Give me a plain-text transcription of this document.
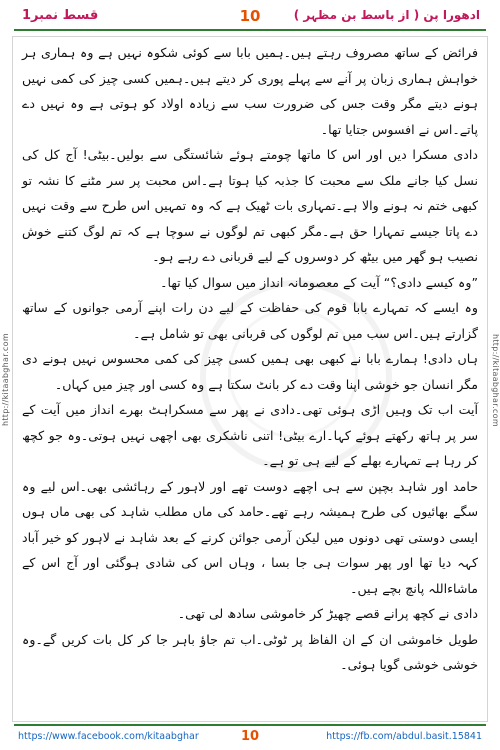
قسط نمبر1	10	ادھورا پن ( از باسط بن مظہر )
http://kitaabghar.com	http://kitaabghar.com

فرائض کے ساتھ مصروف رہتے ہیں۔ہمیں بابا سے کوئی شکوہ نہیں ہے وہ ہماری ہر خواہش ہماری زبان پر آنے سے پہلے پوری کر دیتے ہیں۔ہمیں کسی چیز کی کمی نہیں ہونے دیتے مگر وقت جس کی ضرورت سب سے زیادہ اولاد کو ہوتی ہے وہ نہیں دے پاتے۔اس نے افسوس جتایا تھا۔

دادی مسکرا دیں اور اس کا ماتھا چومتے ہوئے شائستگی سے بولیں۔بیٹی! آج کل کی نسل کیا جانے ملک سے محبت کا جذبہ کیا ہوتا ہے۔اس محبت پر سر مٹنے کا نشہ تو کبھی ختم نہ ہونے والا ہے۔تمہاری بات ٹھیک ہے کہ وہ تمہیں اس طرح سے وقت نہیں دے پاتا جیسے تمہارا حق ہے۔مگر کبھی تم لوگوں نے سوچا ہے کہ تم لوگ کتنے خوش نصیب ہو گھر میں بیٹھ کر دوسروں کے لیے قربانی دے رہے ہو۔

”وہ کیسے دادی؟“ آیت کے معصومانہ انداز میں سوال کیا تھا۔

وہ ایسے کہ تمہارے بابا قوم کی حفاظت کے لیے دن رات اپنے آرمی جوانوں کے ساتھ گزارتے ہیں۔اس سب میں تم لوگوں کی قربانی بھی تو شامل ہے۔

ہاں دادی! ہمارے بابا نے کبھی بھی ہمیں کسی چیز کی کمی محسوس نہیں ہونے دی مگر انسان جو خوشی اپنا وقت دے کر بانٹ سکتا ہے وہ کسی اور چیز میں کہاں۔

آیت اب تک وہیں اڑی ہوئی تھی۔دادی نے پھر سے مسکراہٹ بھرے انداز میں آیت کے سر پر ہاتھ رکھتے ہوئے کہا۔ارے بیٹی! اتنی ناشکری بھی اچھی نہیں ہوتی۔وہ جو کچھ کر رہا ہے تمہارے بھلے کے لیے ہی تو ہے۔

حامد اور شاہد بچپن سے ہی اچھے دوست تھے اور لاہور کے رہائشی بھی۔اس لیے وہ سگے بھائیوں کی طرح ہمیشہ رہے تھے۔حامد کی ماں مطلب شاہد کی بھی ماں ہوں ایسی دوستی تھی دونوں میں لیکن آرمی جوائن کرنے کے بعد شاہد نے لاہور کو خیر آباد کہہ دیا تھا اور پھر سوات ہی جا بسا ، وہاں اس کی شادی ہوگئی اور آج اس کے ماشاءاللہ پانچ بچے ہیں۔

دادی نے کچھ پرانے قصے چھیڑ کر خاموشی سادھ لی تھی۔

طویل خاموشی ان کے ان الفاظ پر ٹوٹی۔اب تم جاؤ باہر جا کر کل بات کریں گے۔وہ خوشی خوشی گویا ہوئی۔

https://www.facebook.com/kitaabghar	10	https://fb.com/abdul.basit.15841
